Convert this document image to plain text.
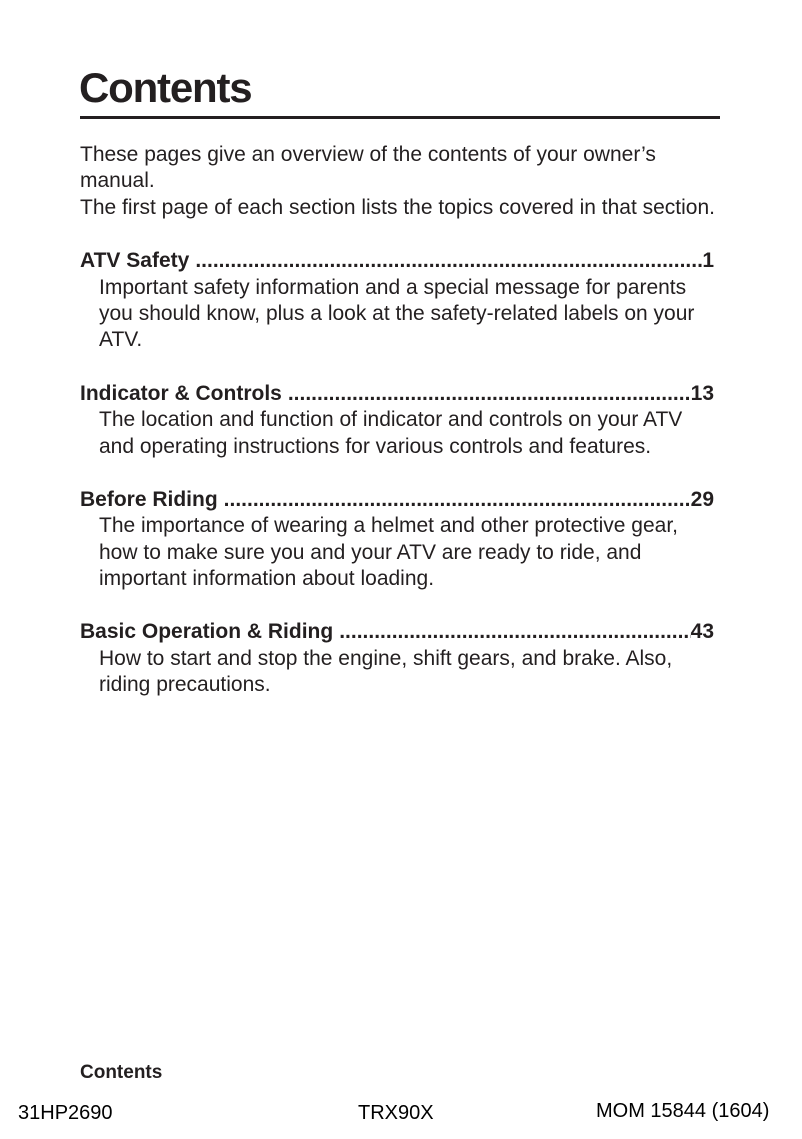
Contents
These pages give an overview of the contents of your owner’s
manual.
The first page of each section lists the topics covered in that section.
ATV Safety .....	1
Important safety information and a special message for parents
you should know, plus a look at the safety-related labels on your
ATV.
Indicator & Controls .....	13
The location and function of indicator and controls on your ATV
and operating instructions for various controls and features.
Before Riding .....	29
The importance of wearing a helmet and other protective gear,
how to make sure you and your ATV are ready to ride, and
important information about loading.
Basic Operation & Riding .....	43
How to start and stop the engine, shift gears, and brake. Also,
riding precautions.
Contents
31HP2690	TRX90X	MOM 15844 (1604)
